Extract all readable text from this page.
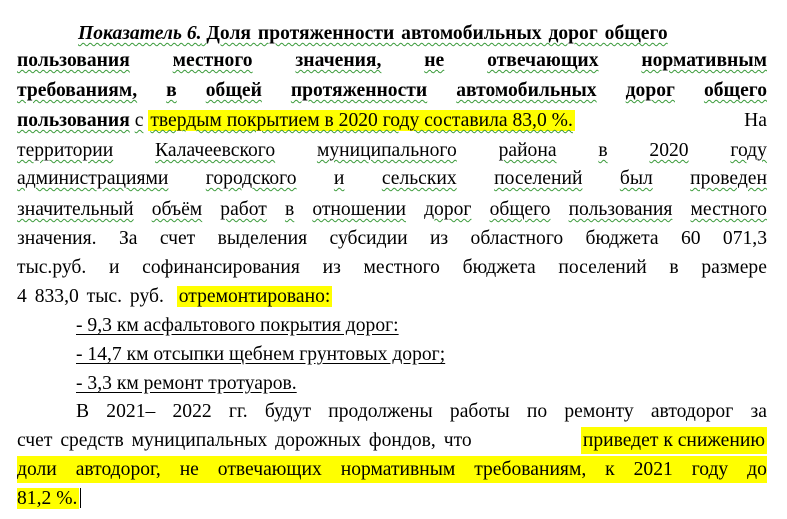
Показатель 6. Доля протяженности автомобильных дорог общего
пользования местного значения, не отвечающих нормативным
требованиям, в общей протяженности автомобильных дорог общего
пользования с твердым покрытием в 2020 году составила 83,0 %.	На
территории Калачеевского муниципального района в 2020 году
администрациями городского и сельских поселений был проведен
значительный объём работ в отношении дорог общего пользования местного
значения. За счет выделения субсидии из областного бюджета 60 071,3
тыс.руб. и софинансирования из местного бюджета поселений в размере
4 833,0 тыс. руб. отремонтировано:
- 9,3 км асфальтового покрытия дорог:
- 14,7 км отсыпки щебнем грунтовых дорог;
- 3,3 км ремонт тротуаров.
В 2021– 2022 гг. будут продолжены работы по ремонту автодорог за
счет средств муниципальных дорожных фондов, что	приведет к снижению
доли автодорог, не отвечающих нормативным требованиям, к 2021 году до
81,2 %.
